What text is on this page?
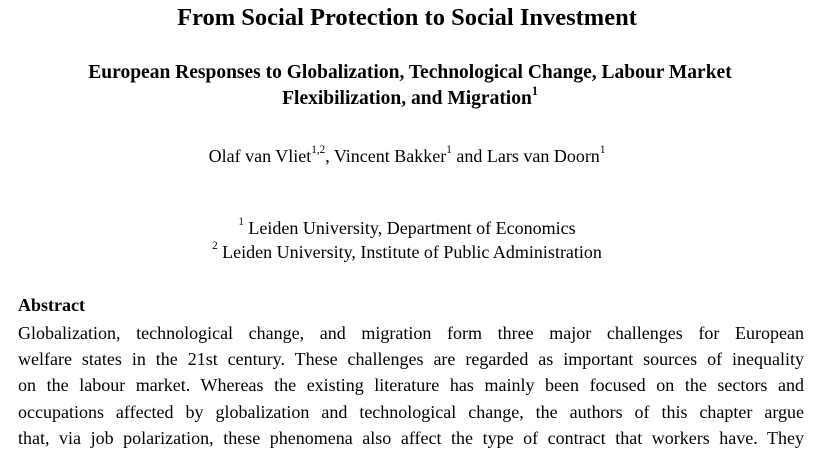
From Social Protection to Social Investment
European Responses to Globalization, Technological Change, Labour Market
Flexibilization, and Migration$^1$
Olaf van Vliet$^{1,2}$, Vincent Bakker$^1$ and Lars van Doorn$^1$
$^1$ Leiden University, Department of Economics
$^2$ Leiden University, Institute of Public Administration
Abstract
Globalization, technological change, and migration form three major challenges for European
welfare states in the 21st century. These challenges are regarded as important sources of inequality
on the labour market. Whereas the existing literature has mainly been focused on the sectors and
occupations affected by globalization and technological change, the authors of this chapter argue
that, via job polarization, these phenomena also affect the type of contract that workers have. They
